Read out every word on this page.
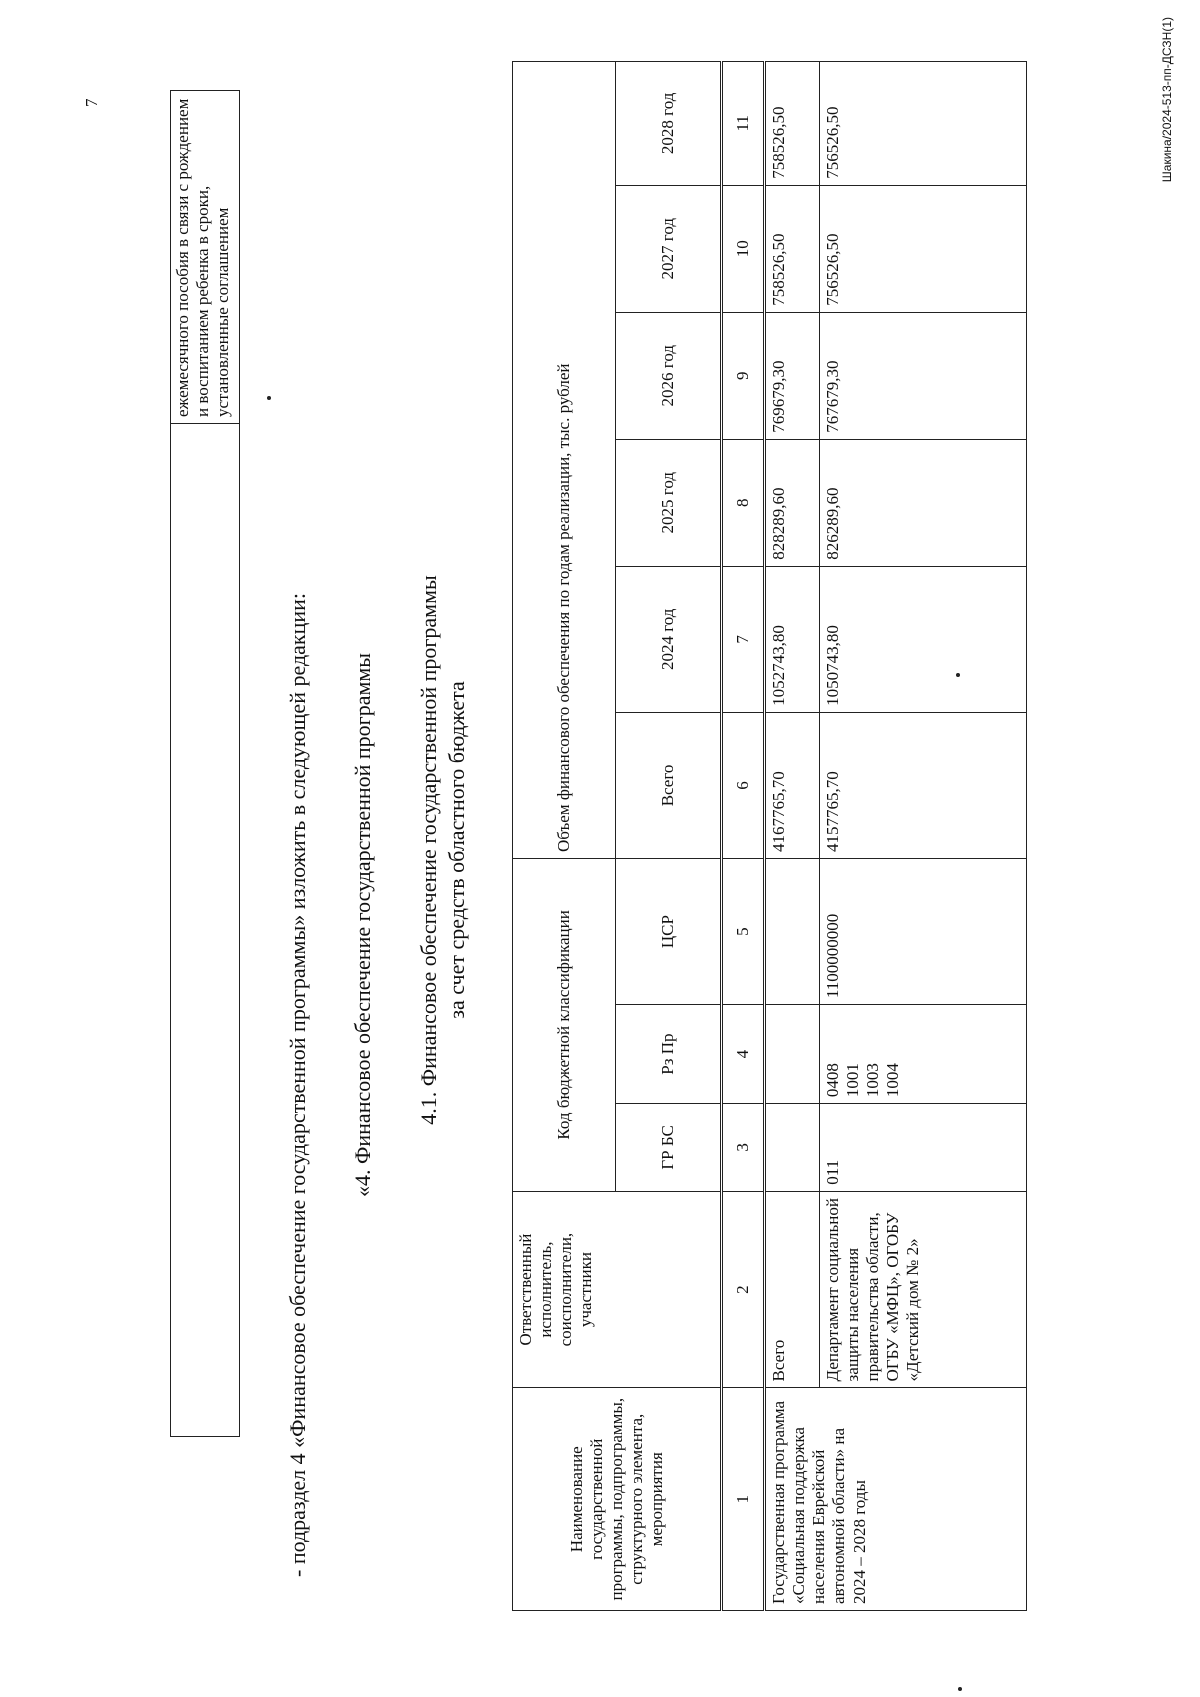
7
		ежемесячного пособия в связи с рождением и воспитанием ребенка в сроки, установленные соглашением
- подраздел 4 «Финансовое обеспечение государственной программы» изложить в следующей редакции: «4. Финансовое обеспечение государственной программы 4.1. Финансовое обеспечение государственной программы за счет средств областного бюджета
Наименование государственной программы, подпрограммы, структурного элемента, мероприятия	Ответственный исполнитель, соисполнители, участники	Код бюджетной классификации			Объем финансового обеспечения по годам реализации, тыс. рублей					
		ГР БС	Рз Пр	ЦСР	Всего	2024 год	2025 год	2026 год	2027 год	2028 год
1	2	3	4	5	6	7	8	9	10	11
Государственная программа «Социальная поддержка населения Еврейской автономной области» на 2024 – 2028 годы	Всего				4167765,70	1052743,80	828289,60	769679,30	758526,50	758526,50
	Департамент социальной защиты населения правительства области, ОГБУ «МФЦ», ОГОБУ «Детский дом № 2»	011	0408 1001 1003 1004	1100000000	4157765,70	1050743,80	826289,60	767679,30	756526,50	756526,50	Шакина/2024-513-пп-ДСЗН(1)
